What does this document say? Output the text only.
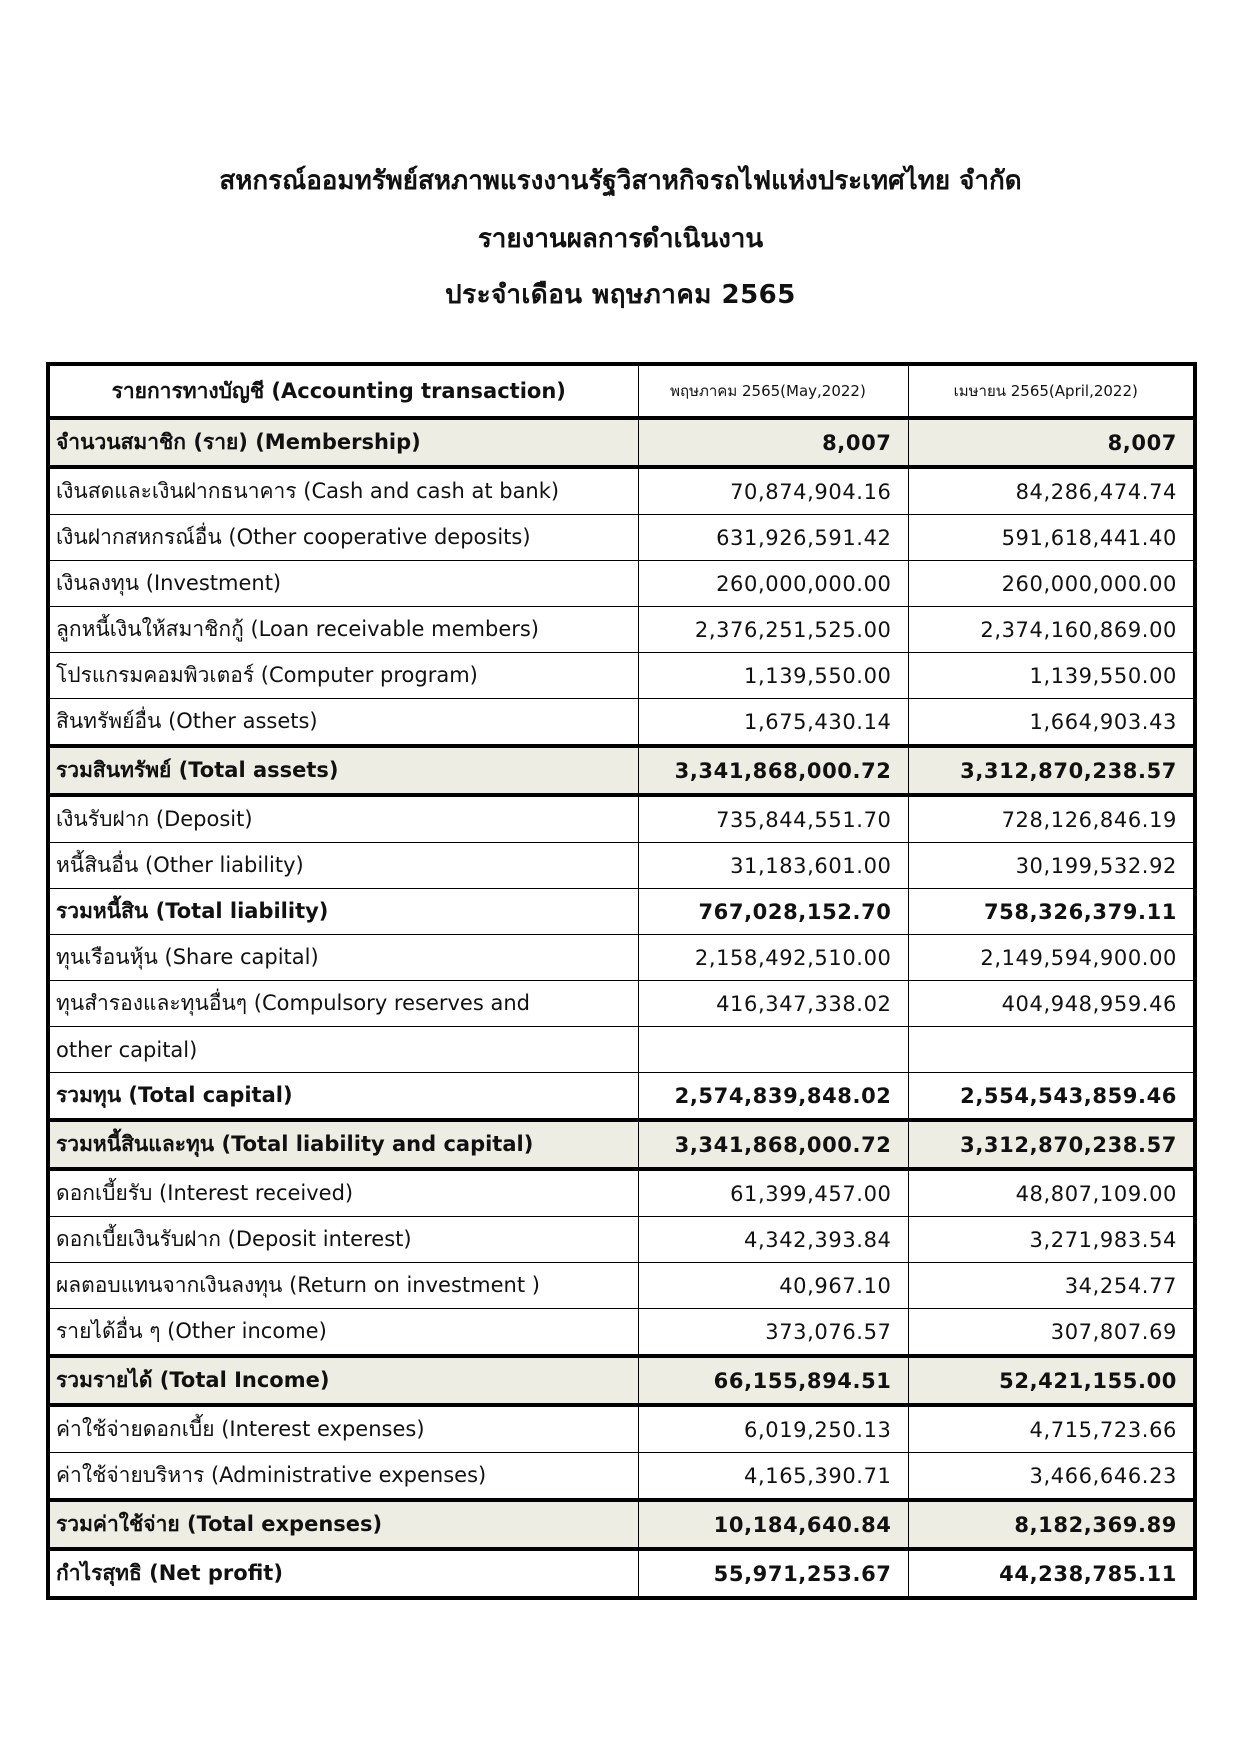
สหกรณ์ออมทรัพย์สหภาพแรงงานรัฐวิสาหกิจรถไฟแห่งประเทศไทย จำกัด
รายงานผลการดำเนินงาน
ประจำเดือน พฤษภาคม 2565
รายการทางบัญชี (Accounting transaction)	พฤษภาคม 2565(May,2022)	เมษายน 2565(April,2022)
จำนวนสมาชิก (ราย) (Membership)	8,007	8,007
เงินสดและเงินฝากธนาคาร (Cash and cash at bank)	70,874,904.16	84,286,474.74
เงินฝากสหกรณ์อื่น (Other cooperative deposits)	631,926,591.42	591,618,441.40
เงินลงทุน (Investment)	260,000,000.00	260,000,000.00
ลูกหนี้เงินให้สมาชิกกู้ (Loan receivable members)	2,376,251,525.00	2,374,160,869.00
โปรแกรมคอมพิวเตอร์ (Computer program)	1,139,550.00	1,139,550.00
สินทรัพย์อื่น (Other assets)	1,675,430.14	1,664,903.43
รวมสินทรัพย์ (Total assets)	3,341,868,000.72	3,312,870,238.57
เงินรับฝาก (Deposit)	735,844,551.70	728,126,846.19
หนี้สินอื่น (Other liability)	31,183,601.00	30,199,532.92
รวมหนี้สิน (Total liability)	767,028,152.70	758,326,379.11
ทุนเรือนหุ้น (Share capital)	2,158,492,510.00	2,149,594,900.00
ทุนสำรองและทุนอื่นๆ (Compulsory reserves and	416,347,338.02	404,948,959.46
other capital)		
รวมทุน (Total capital)	2,574,839,848.02	2,554,543,859.46
รวมหนี้สินและทุน (Total liability and capital)	3,341,868,000.72	3,312,870,238.57
ดอกเบี้ยรับ (Interest received)	61,399,457.00	48,807,109.00
ดอกเบี้ยเงินรับฝาก (Deposit interest)	4,342,393.84	3,271,983.54
ผลตอบแทนจากเงินลงทุน (Return on investment )	40,967.10	34,254.77
รายได้อื่น ๆ (Other income)	373,076.57	307,807.69
รวมรายได้ (Total Income)	66,155,894.51	52,421,155.00
ค่าใช้จ่ายดอกเบี้ย (Interest expenses)	6,019,250.13	4,715,723.66
ค่าใช้จ่ายบริหาร (Administrative expenses)	4,165,390.71	3,466,646.23
รวมค่าใช้จ่าย (Total expenses)	10,184,640.84	8,182,369.89
กำไรสุทธิ (Net profit)	55,971,253.67	44,238,785.11
